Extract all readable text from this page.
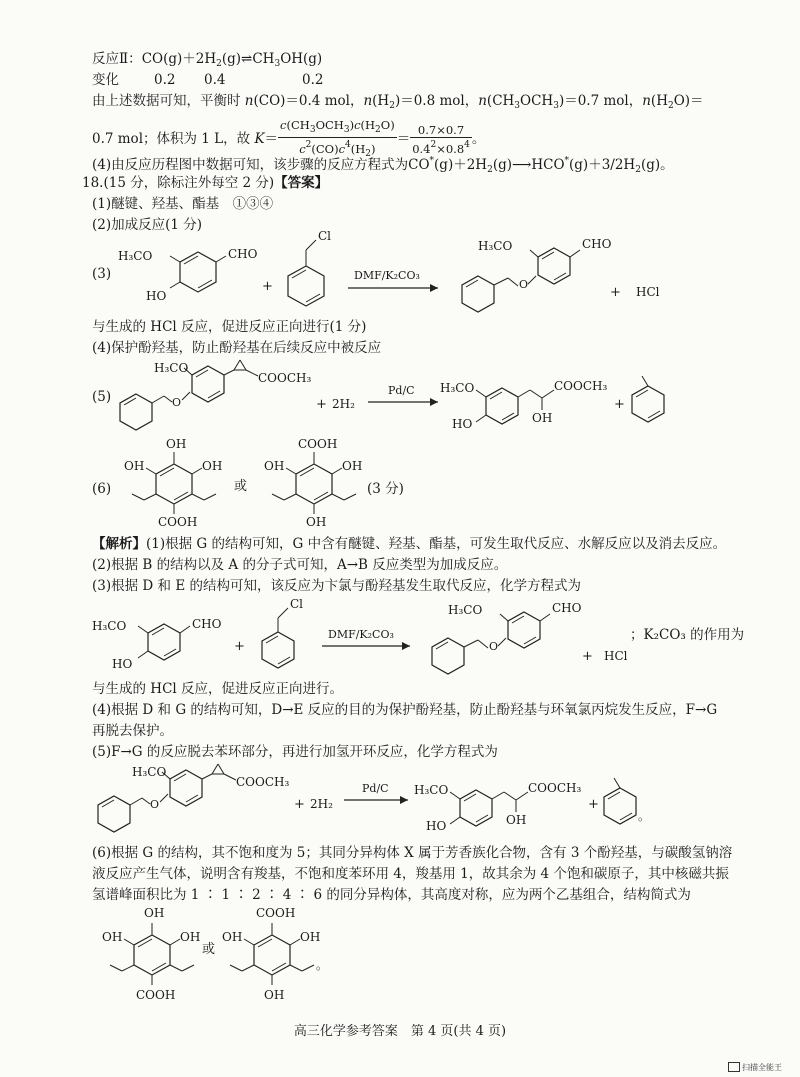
反应Ⅱ：$CO(g)+2H_2(g)\rightleftharpoons CH_3OH(g)$
变化	0.2 0.4	0.2
由上述数据可知，平衡时 n(CO)＝0.4 mol，$n(H_2)=0.8$ mol，$n(CH_3OCH_3)=0.7$ mol，$n(H_2O)=$
0.7 mol；体积为 1 L，故 $K= \frac{c(CH_3OCH_3)c(H_2O)}{c^2(CO)c^4(H_2)} = \frac{0.7\times 0.7}{0.4^2\times 0.8^4}$ 。
(4)由反应历程图中数据可知，该步骤的反应方程式为$CO^*(g)+2H_2(g)⟶HCO^*(g)+3/2H_2(g)$。
18.(15 分，除标注外每空 2 分)【答案】
(1)醚键、羟基、酯基　①③④
(2)加成反应(1 分)
(3)
H₃CO	CHO
HO
+
Cl
DMF/K₂CO₃
O
H₃CO	CHO
+ HCl
与生成的 HCl 反应，促进反应正向进行(1 分)
(4)保护酚羟基，防止酚羟基在后续反应中被反应
(5)	O
H₃CO
COOCH₃
+ 2H₂
Pd/C H₃CO
HO
COOCH₃
OH
+
(6)
OH
OH	OH
COOH
或
COOH
OH	OH
OH
(3 分)
【解析】(1)根据 G 的结构可知，G 中含有醚键、羟基、酯基，可发生取代反应、水解反应以及消去反应。
(2)根据 B 的结构以及 A 的分子式可知，A→B 反应类型为加成反应。
(3)根据 D 和 E 的结构可知，该反应为卞氯与酚羟基发生取代反应，化学方程式为
H₃CO	CHO
HO
+
Cl
DMF/K₂CO₃
O
H₃CO	CHO
+ HCl
；K₂CO₃ 的作用为
与生成的 HCl 反应，促进反应正向进行。
(4)根据 D 和 G 的结构可知，D→E 反应的目的为保护酚羟基，防止酚羟基与环氧氯丙烷发生反应，F→G
再脱去保护。
(5)F→G 的反应脱去苯环部分，再进行加氢开环反应，化学方程式为
O
H₃CO
COOCH₃
+ 2H₂
Pd/C H₃CO
HO
COOCH₃
OH
+
。
(6)根据 G 的结构，其不饱和度为 5；其同分异构体 X 属于芳香族化合物，含有 3 个酚羟基，与碳酸氢钠溶
液反应产生气体，说明含有羧基，不饱和度苯环用 4，羧基用 1，故其余为 4 个饱和碳原子，其中核磁共振
氢谱峰面积比为 1 ∶ 1 ∶ 2 ∶ 4 ∶ 6 的同分异构体，其高度对称，应为两个乙基组合，结构简式为
OH
OH	OH
COOH
或
COOH
OH	OH
OH
。
高三化学参考答案　第 4 页(共 4 页)
扫描全能王
